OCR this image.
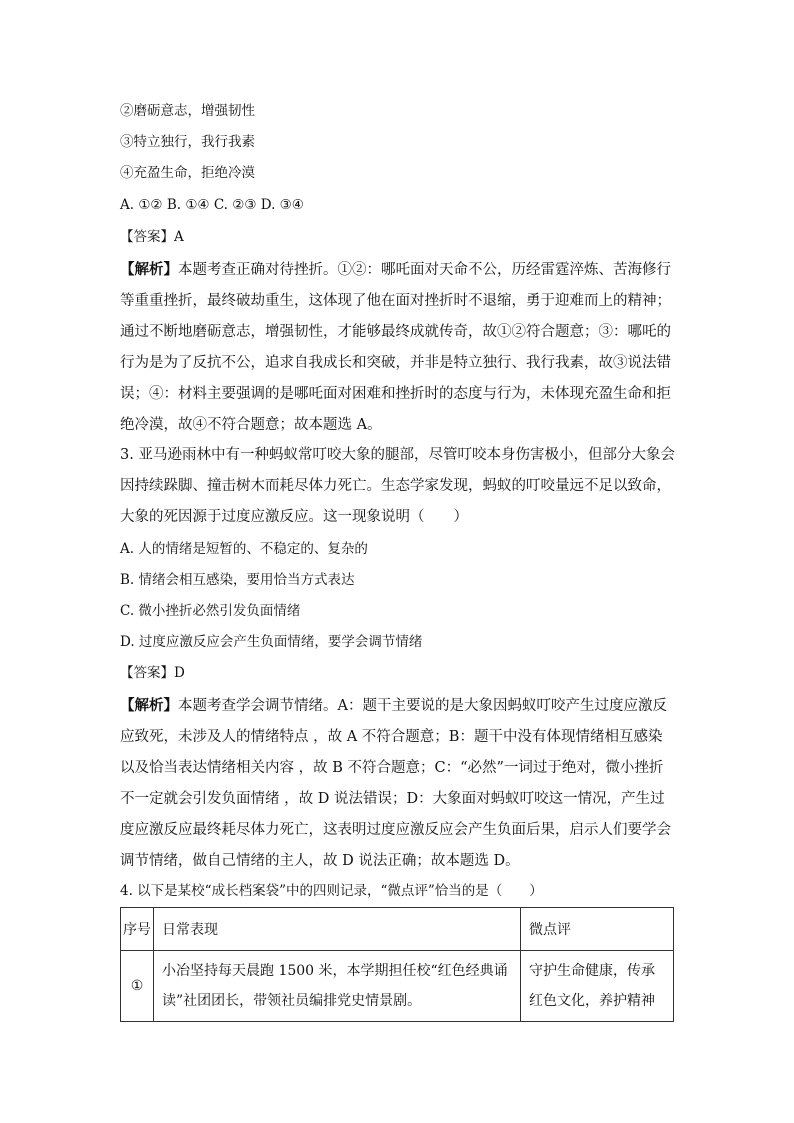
②磨砺意志，增强韧性
③特立独行，我行我素
④充盈生命，拒绝冷漠
A. ①② B. ①④ C. ②③ D. ③④
【答案】A
【解析】本题考查正确对待挫折。①②：哪吒面对天命不公，历经雷霆淬炼、苦海修行等重重挫折，最终破劫重生，这体现了他在面对挫折时不退缩，勇于迎难而上的精神；通过不断地磨砺意志，增强韧性，才能够最终成就传奇，故①②符合题意；③：哪吒的行为是为了反抗不公，追求自我成长和突破，并非是特立独行、我行我素，故③说法错误；④：材料主要强调的是哪吒面对困难和挫折时的态度与行为，未体现充盈生命和拒绝冷漠，故④不符合题意；故本题选 A。
3. 亚马逊雨林中有一种蚂蚁常叮咬大象的腿部，尽管叮咬本身伤害极小，但部分大象会因持续跺脚、撞击树木而耗尽体力死亡。生态学家发现，蚂蚁的叮咬量远不足以致命，大象的死因源于过度应激反应。这一现象说明（　　）
A. 人的情绪是短暂的、不稳定的、复杂的
B. 情绪会相互感染，要用恰当方式表达
C. 微小挫折必然引发负面情绪
D. 过度应激反应会产生负面情绪，要学会调节情绪
【答案】D
【解析】本题考查学会调节情绪。A：题干主要说的是大象因蚂蚁叮咬产生过度应激反应致死，未涉及人的情绪特点 ，故 A 不符合题意；B：题干中没有体现情绪相互感染以及恰当表达情绪相关内容 ，故 B 不符合题意；C：“必然”一词过于绝对，微小挫折不一定就会引发负面情绪 ，故 D 说法错误；D：大象面对蚂蚁叮咬这一情况，产生过度应激反应最终耗尽体力死亡，这表明过度应激反应会产生负面后果，启示人们要学会调节情绪，做自己情绪的主人，故 D 说法正确；故本题选 D。
4. 以下是某校“成长档案袋”中的四则记录，“微点评”恰当的是（　　）
序号	日常表现	微点评
①	小冶坚持每天晨跑 1500 米，本学期担任校“红色经典诵读”社团团长，带领社员编排党史情景剧。	守护生命健康，传承红色文化，养护精神
